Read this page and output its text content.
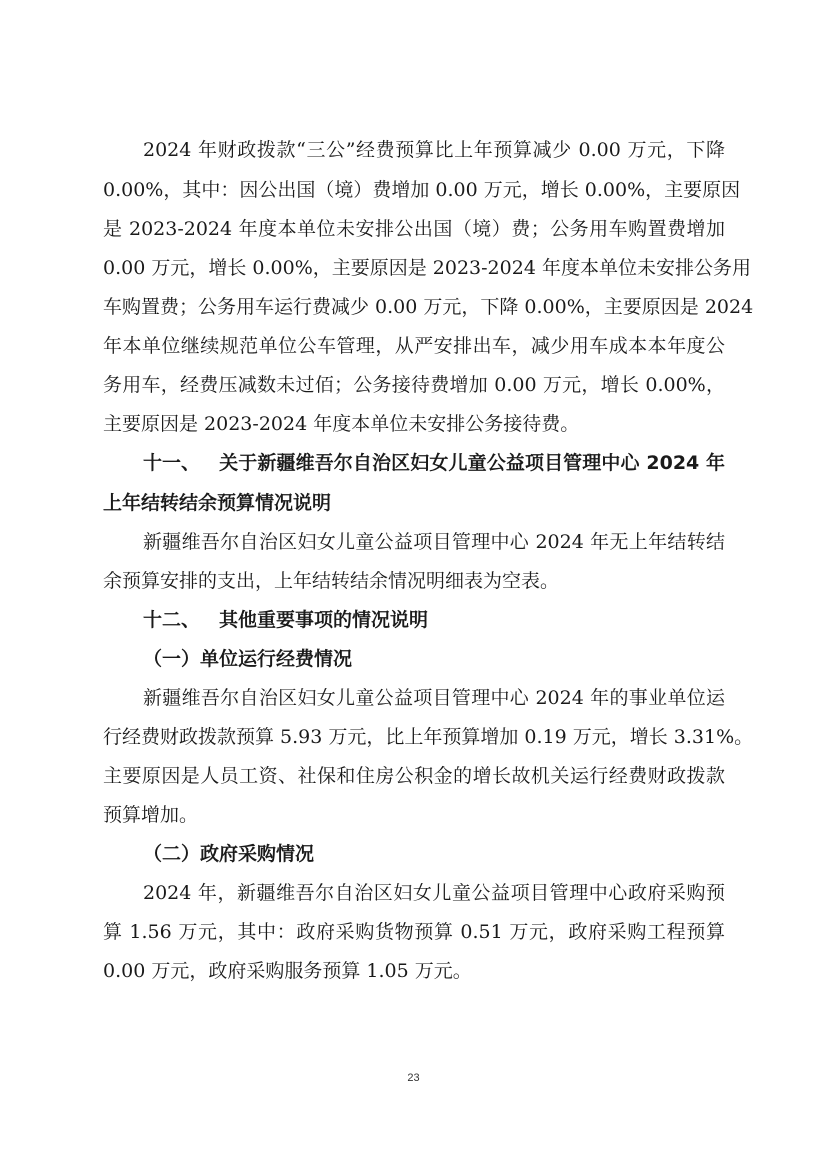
2024 年财政拨款“三公”经费预算比上年预算减少 0.00 万元，下降
0.00%，其中：因公出国（境）费增加 0.00 万元，增长 0.00%，主要原因
是 2023-2024 年度本单位未安排公出国（境）费；公务用车购置费增加
0.00 万元，增长 0.00%，主要原因是 2023-2024 年度本单位未安排公务用
车购置费；公务用车运行费减少 0.00 万元，下降 0.00%，主要原因是 2024
年本单位继续规范单位公车管理，从严安排出车，减少用车成本本年度公
务用车，经费压减数未过佰；公务接待费增加 0.00 万元，增长 0.00%，
主要原因是 2023-2024 年度本单位未安排公务接待费。
十一、 关于新疆维吾尔自治区妇女儿童公益项目管理中心 2024 年
上年结转结余预算情况说明
新疆维吾尔自治区妇女儿童公益项目管理中心 2024 年无上年结转结
余预算安排的支出，上年结转结余情况明细表为空表。
十二、 其他重要事项的情况说明
（一）单位运行经费情况
新疆维吾尔自治区妇女儿童公益项目管理中心 2024 年的事业单位运
行经费财政拨款预算 5.93 万元，比上年预算增加 0.19 万元，增长 3.31%。
主要原因是人员工资、社保和住房公积金的增长故机关运行经费财政拨款
预算增加。
（二）政府采购情况
2024 年，新疆维吾尔自治区妇女儿童公益项目管理中心政府采购预
算 1.56 万元，其中：政府采购货物预算 0.51 万元，政府采购工程预算
0.00 万元，政府采购服务预算 1.05 万元。
23
